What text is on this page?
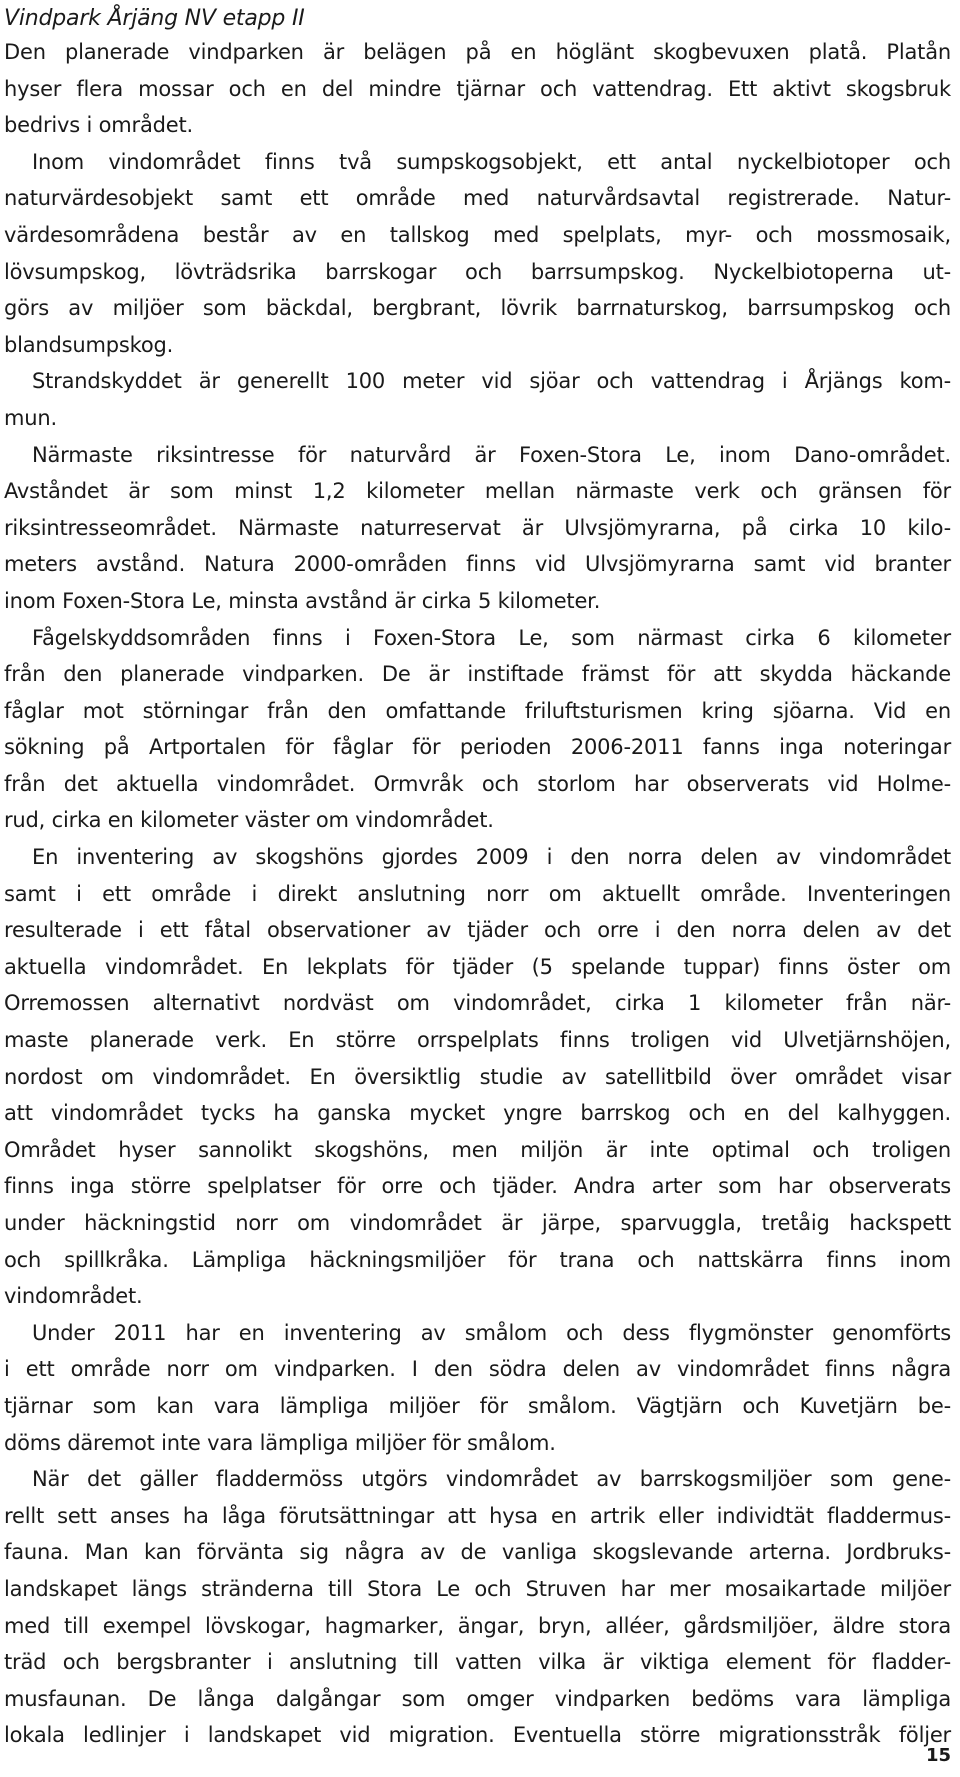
Vindpark Årjäng NV etapp II
Den planerade vindparken är belägen på en höglänt skogbevuxen platå. Platån
hyser flera mossar och en del mindre tjärnar och vattendrag. Ett aktivt skogsbruk
bedrivs i området.
Inom vindområdet finns två sumpskogsobjekt, ett antal nyckelbiotoper och
naturvärdesobjekt samt ett område med naturvårdsavtal registrerade. Natur-
värdesområdena består av en tallskog med spelplats, myr- och mossmosaik,
lövsumpskog, lövträdsrika barrskogar och barrsumpskog. Nyckelbiotoperna ut-
görs av miljöer som bäckdal, bergbrant, lövrik barrnaturskog, barrsumpskog och
blandsumpskog.
Strandskyddet är generellt 100 meter vid sjöar och vattendrag i Årjängs kom-
mun.
Närmaste riksintresse för naturvård är Foxen-Stora Le, inom Dano-området.
Avståndet är som minst 1,2 kilometer mellan närmaste verk och gränsen för
riksintresseområdet. Närmaste naturreservat är Ulvsjömyrarna, på cirka 10 kilo-
meters avstånd. Natura 2000-områden finns vid Ulvsjömyrarna samt vid branter
inom Foxen-Stora Le, minsta avstånd är cirka 5 kilometer.
Fågelskyddsområden finns i Foxen-Stora Le, som närmast cirka 6 kilometer
från den planerade vindparken. De är instiftade främst för att skydda häckande
fåglar mot störningar från den omfattande friluftsturismen kring sjöarna. Vid en
sökning på Artportalen för fåglar för perioden 2006-2011 fanns inga noteringar
från det aktuella vindområdet. Ormvråk och storlom har observerats vid Holme-
rud, cirka en kilometer väster om vindområdet.
En inventering av skogshöns gjordes 2009 i den norra delen av vindområdet
samt i ett område i direkt anslutning norr om aktuellt område. Inventeringen
resulterade i ett fåtal observationer av tjäder och orre i den norra delen av det
aktuella vindområdet. En lekplats för tjäder (5 spelande tuppar) finns öster om
Orremossen alternativt nordväst om vindområdet, cirka 1 kilometer från när-
maste planerade verk. En större orrspelplats finns troligen vid Ulvetjärnshöjen,
nordost om vindområdet. En översiktlig studie av satellitbild över området visar
att vindområdet tycks ha ganska mycket yngre barrskog och en del kalhyggen.
Området hyser sannolikt skogshöns, men miljön är inte optimal och troligen
finns inga större spelplatser för orre och tjäder. Andra arter som har observerats
under häckningstid norr om vindområdet är järpe, sparvuggla, tretåig hackspett
och spillkråka. Lämpliga häckningsmiljöer för trana och nattskärra finns inom
vindområdet.
Under 2011 har en inventering av smålom och dess flygmönster genomförts
i ett område norr om vindparken. I den södra delen av vindområdet finns några
tjärnar som kan vara lämpliga miljöer för smålom. Vägtjärn och Kuvetjärn be-
döms däremot inte vara lämpliga miljöer för smålom.
När det gäller fladdermöss utgörs vindområdet av barrskogsmiljöer som gene-
rellt sett anses ha låga förutsättningar att hysa en artrik eller individtät fladdermus-
fauna. Man kan förvänta sig några av de vanliga skogslevande arterna. Jordbruks-
landskapet längs stränderna till Stora Le och Struven har mer mosaikartade miljöer
med till exempel lövskogar, hagmarker, ängar, bryn, alléer, gårdsmiljöer, äldre stora
träd och bergsbranter i anslutning till vatten vilka är viktiga element för fladder-
musfaunan. De långa dalgångar som omger vindparken bedöms vara lämpliga
lokala ledlinjer i landskapet vid migration. Eventuella större migrationsstråk följer
15
